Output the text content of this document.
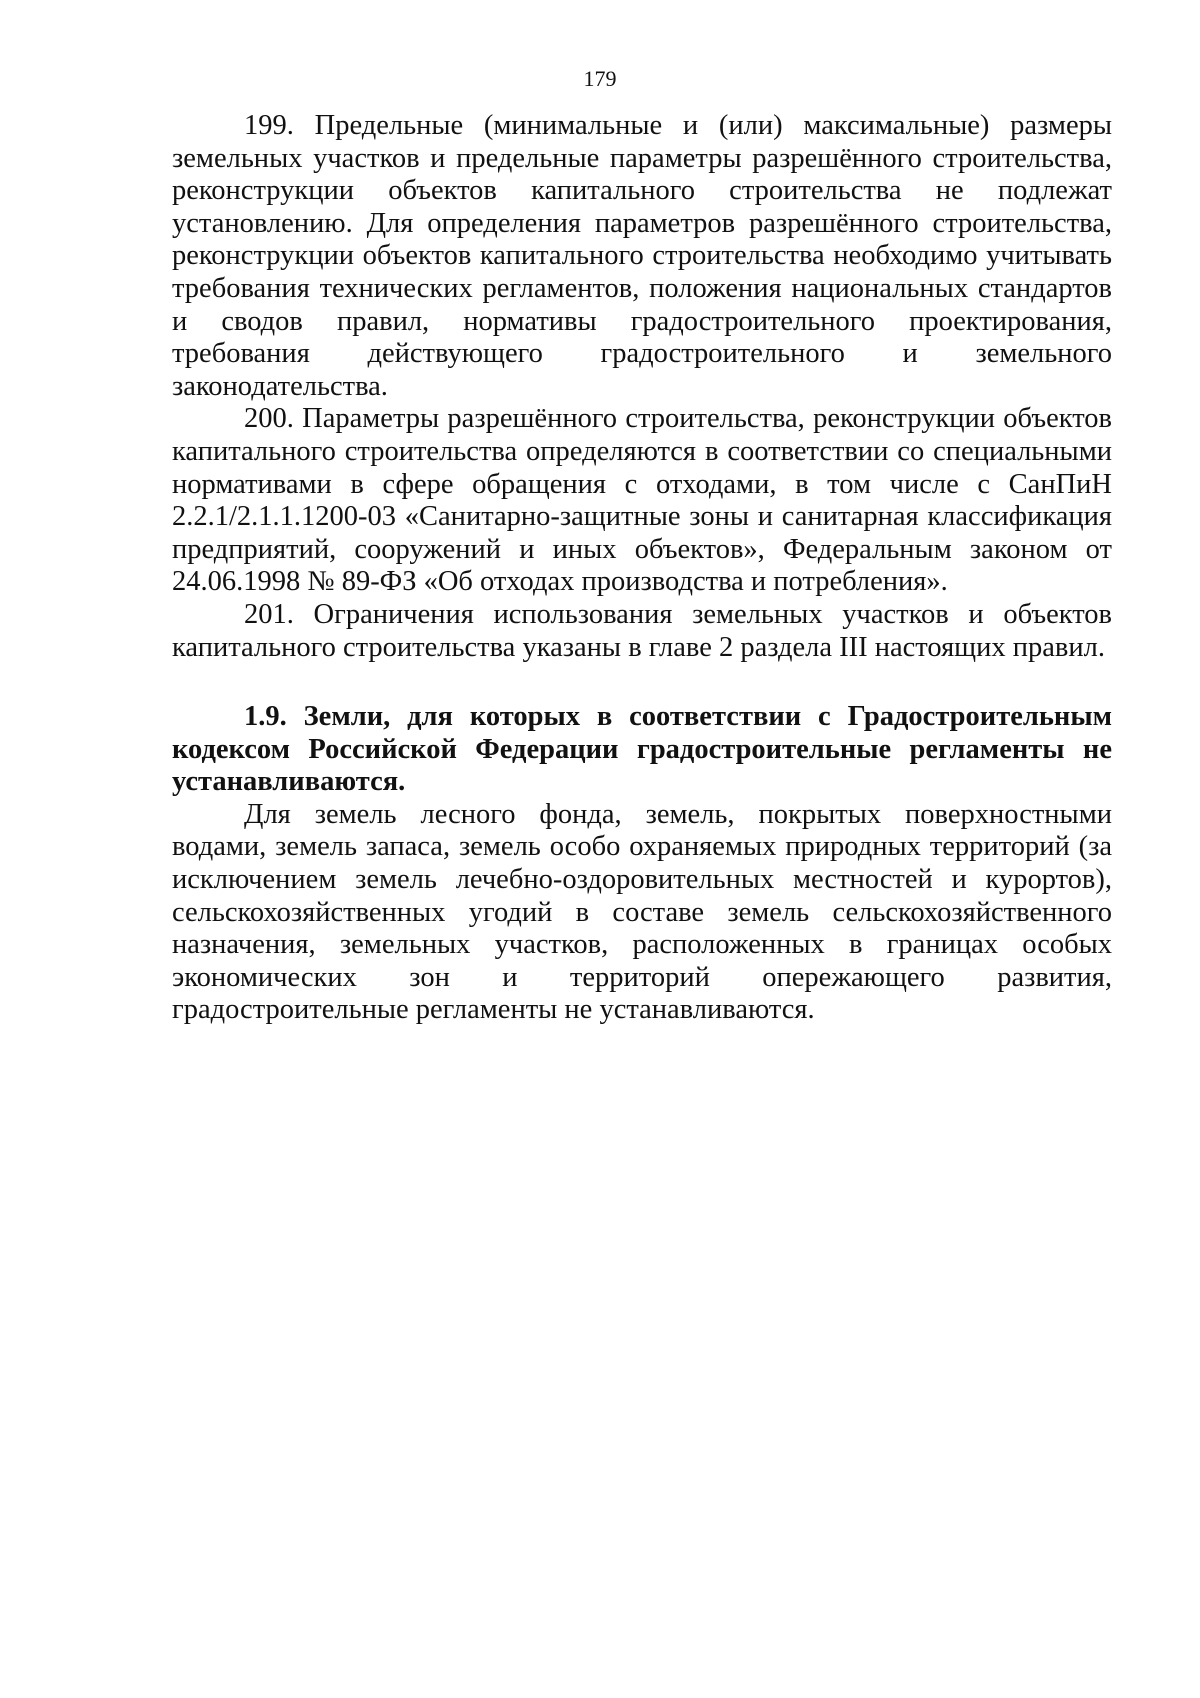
179

199. Предельные (минимальные и (или) максимальные) размеры земельных участков и предельные параметры разрешённого строительства, реконструкции объектов капитального строительства не подлежат установлению. Для определения параметров разрешённого строительства, реконструкции объектов капитального строительства необходимо учитывать требования технических регламентов, положения национальных стандартов и сводов правил, нормативы градостроительного проектирования, требования действующего градостроительного и земельного законодательства.

200. Параметры разрешённого строительства, реконструкции объектов капитального строительства определяются в соответствии со специальными нормативами в сфере обращения с отходами, в том числе с СанПиН 2.2.1/2.1.1.1200-03 «Санитарно-защитные зоны и санитарная классификация предприятий, сооружений и иных объектов», Федеральным законом от 24.06.1998 № 89-ФЗ «Об отходах производства и потребления».

201. Ограничения использования земельных участков и объектов капитального строительства указаны в главе 2 раздела III настоящих правил.

1.9. Земли, для которых в соответствии с Градостроительным кодексом Российской Федерации градостроительные регламенты не устанавливаются.

Для земель лесного фонда, земель, покрытых поверхностными водами, земель запаса, земель особо охраняемых природных территорий (за исключением земель лечебно-оздоровительных местностей и курортов), сельскохозяйственных угодий в составе земель сельскохозяйственного назначения, земельных участков, расположенных в границах особых экономических зон и территорий опережающего развития, градостроительные регламенты не устанавливаются.
